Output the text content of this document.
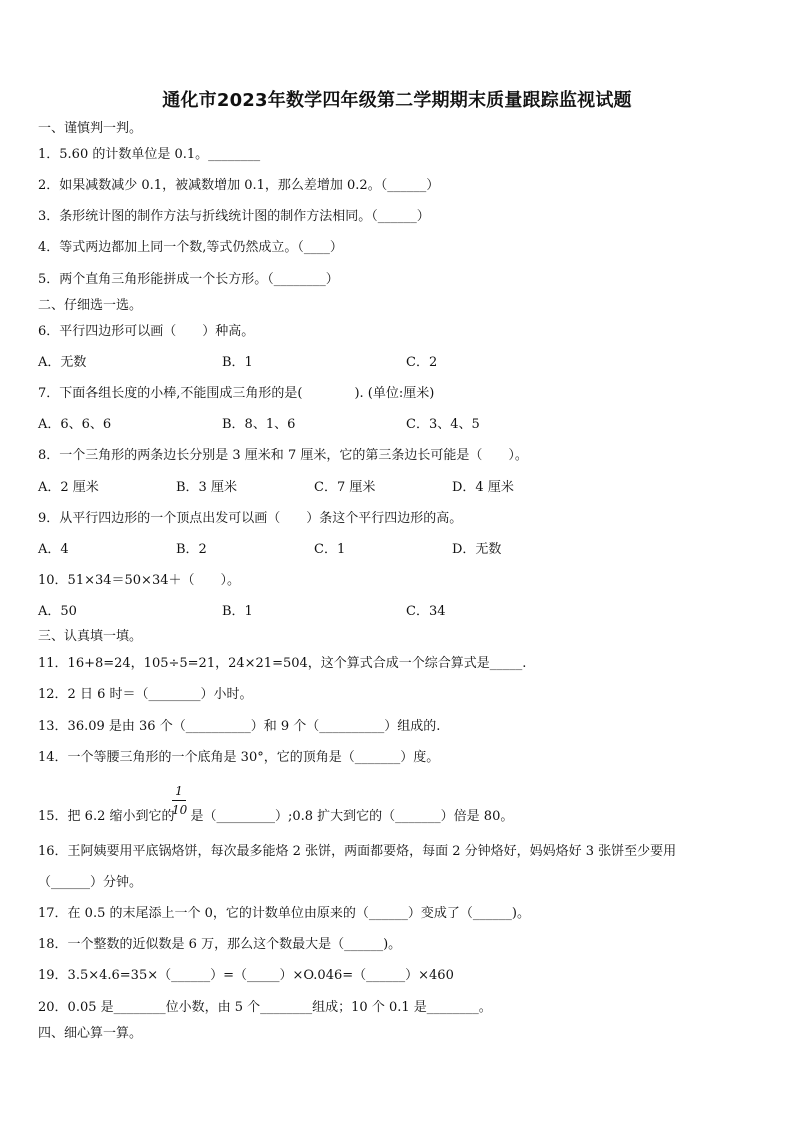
通化市2023年数学四年级第二学期期末质量跟踪监视试题
一、谨慎判一判。
1．5.60 的计数单位是 0.1。________
2．如果减数减少 0.1，被减数增加 0.1，那么差增加 0.2。（______）
3．条形统计图的制作方法与折线统计图的制作方法相同。（______）
4．等式两边都加上同一个数,等式仍然成立。（____）
5．两个直角三角形能拼成一个长方形。（________）
二、仔细选一选。
6．平行四边形可以画（　　）种高。
A．无数	B．1	C．2
7．下面各组长度的小棒,不能围成三角形的是(　　　　). (单位:厘米)
A．6、6、6	B．8、1、6	C．3、4、5
8．一个三角形的两条边长分别是 3 厘米和 7 厘米，它的第三条边长可能是（　　）。
A．2 厘米	B．3 厘米	C．7 厘米	D．4 厘米
9．从平行四边形的一个顶点出发可以画（　　）条这个平行四边形的高。
A．4	B．2	C．1	D．无数
10．51×34＝50×34＋（　　）。
A．50	B．1	C．34
三、认真填一填。
11．16+8=24，105÷5=21，24×21=504，这个算式合成一个综合算式是_____.
12．2 日 6 时＝（________）小时。
13．36.09 是由 36 个（__________）和 9 个（__________）组成的.
14．一个等腰三角形的一个底角是 30°，它的顶角是（_______）度。
15．把 6.2 缩小到它的 是（_________）;0.8 扩大到它的（_______）倍是 80。
1
10
16．王阿姨要用平底锅烙饼，每次最多能烙 2 张饼，两面都要烙，每面 2 分钟烙好，妈妈烙好 3 张饼至少要用
（______）分钟。
17．在 0.5 的末尾添上一个 0，它的计数单位由原来的（______）变成了（______)。
18．一个整数的近似数是 6 万，那么这个数最大是（______)。
19．3.5×4.6=35×（______）=（_____）×O.046=（______）×460
20．0.05 是________位小数，由 5 个________组成；10 个 0.1 是________。
四、细心算一算。
